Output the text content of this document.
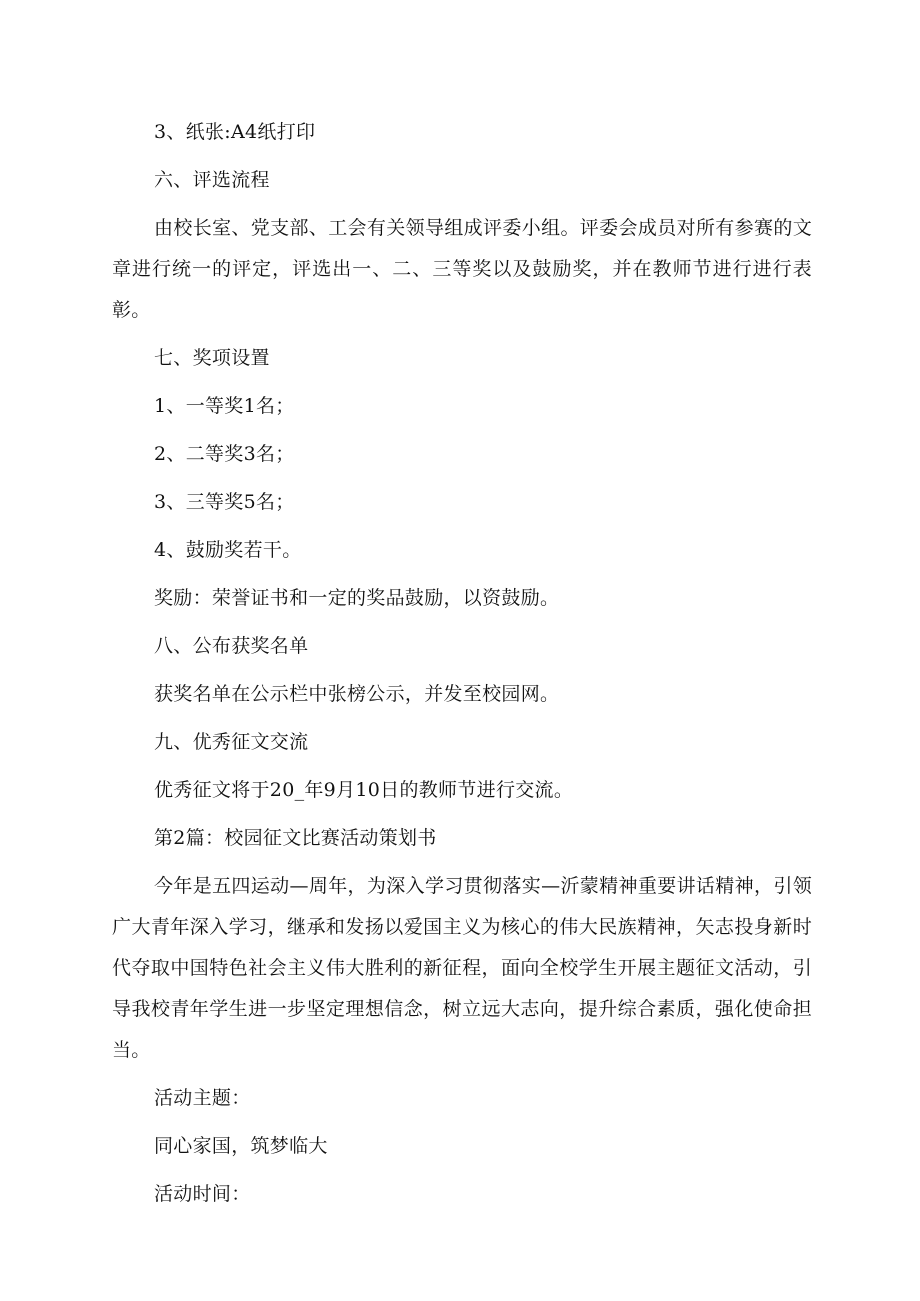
3、纸张:A4纸打印

六、评选流程

由校长室、党支部、工会有关领导组成评委小组。评委会成员对所有参赛的文章进行统一的评定，评选出一、二、三等奖以及鼓励奖，并在教师节进行进行表彰。

七、奖项设置

1、一等奖1名；

2、二等奖3名；

3、三等奖5名；

4、鼓励奖若干。

奖励：荣誉证书和一定的奖品鼓励，以资鼓励。

八、公布获奖名单

获奖名单在公示栏中张榜公示，并发至校园网。

九、优秀征文交流

优秀征文将于20_年9月10日的教师节进行交流。

第2篇：校园征文比赛活动策划书

今年是五四运动—周年，为深入学习贯彻落实—沂蒙精神重要讲话精神，引领广大青年深入学习，继承和发扬以爱国主义为核心的伟大民族精神，矢志投身新时代夺取中国特色社会主义伟大胜利的新征程，面向全校学生开展主题征文活动，引导我校青年学生进一步坚定理想信念，树立远大志向，提升综合素质，强化使命担当。

活动主题：

同心家国，筑梦临大

活动时间：
